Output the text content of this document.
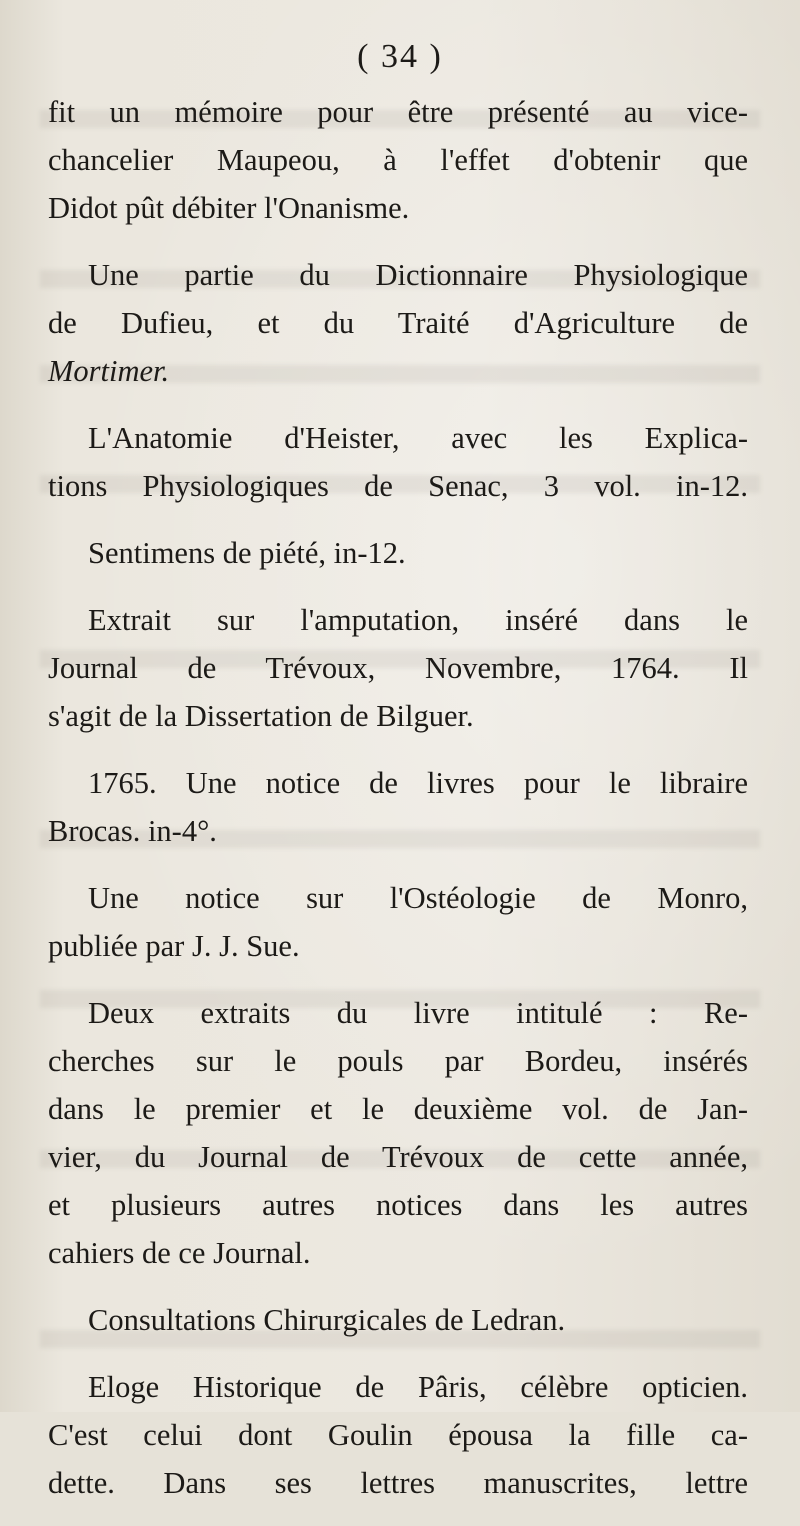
( 34 )
fit un mémoire pour être présenté au vice-
chancelier Maupeou, à l'effet d'obtenir que
Didot pût débiter l'Onanisme.
Une partie du Dictionnaire Physiologique
de Dufieu, et du Traité d'Agriculture de
Mortimer.
L'Anatomie d'Heister, avec les Explica-
tions Physiologiques de Senac, 3 vol. in-12.
Sentimens de piété, in-12.
Extrait sur l'amputation, inséré dans le
Journal de Trévoux, Novembre, 1764. Il
s'agit de la Dissertation de Bilguer.
1765. Une notice de livres pour le libraire
Brocas. in-4°.
Une notice sur l'Ostéologie de Monro,
publiée par J. J. Sue.
Deux extraits du livre intitulé : Re-
cherches sur le pouls par Bordeu, insérés
dans le premier et le deuxième vol. de Jan-
vier, du Journal de Trévoux de cette année,
et plusieurs autres notices dans les autres
cahiers de ce Journal.
Consultations Chirurgicales de Ledran.
Eloge Historique de Pâris, célèbre opticien.
C'est celui dont Goulin épousa la fille ca-
dette. Dans ses lettres manuscrites, lettre
